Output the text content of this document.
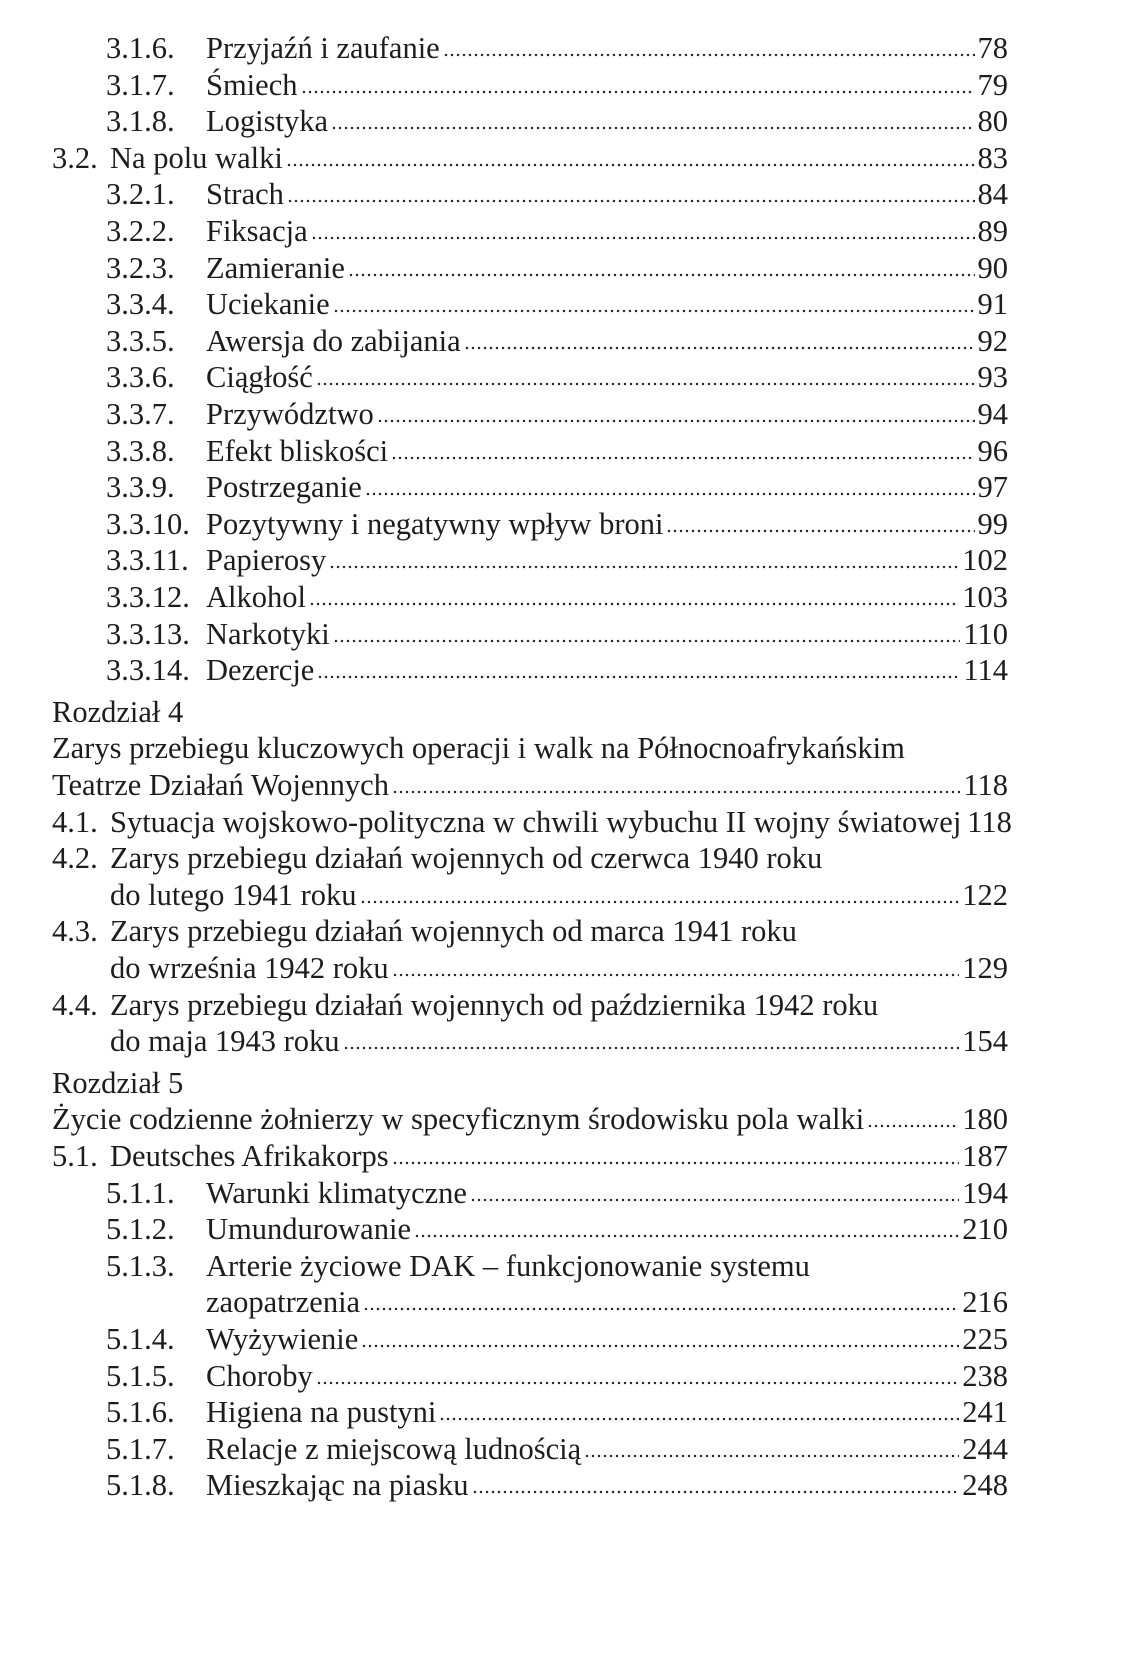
3.1.6. Przyjaźń i zaufanie	78
3.1.7. Śmiech	79
3.1.8. Logistyka	80
3.2. Na polu walki	83
3.2.1. Strach	84
3.2.2. Fiksacja	89
3.2.3. Zamieranie	90
3.3.4. Uciekanie	91
3.3.5. Awersja do zabijania	92
3.3.6. Ciągłość	93
3.3.7. Przywództwo	94
3.3.8. Efekt bliskości	96
3.3.9. Postrzeganie	97
3.3.10. Pozytywny i negatywny wpływ broni	99
3.3.11. Papierosy	102
3.3.12. Alkohol	103
3.3.13. Narkotyki	110
3.3.14. Dezercje	114
Rozdział 4
Zarys przebiegu kluczowych operacji i walk na Północnoafrykańskim
Teatrze Działań Wojennych	118
4.1. Sytuacja wojskowo-polityczna w chwili wybuchu II wojny światowej 118
4.2. Zarys przebiegu działań wojennych od czerwca 1940 roku
do lutego 1941 roku	122
4.3. Zarys przebiegu działań wojennych od marca 1941 roku
do września 1942 roku	129
4.4. Zarys przebiegu działań wojennych od października 1942 roku
do maja 1943 roku	154
Rozdział 5
Życie codzienne żołnierzy w specyficznym środowisku pola walki	180
5.1. Deutsches Afrikakorps	187
5.1.1. Warunki klimatyczne	194
5.1.2. Umundurowanie	210
5.1.3. Arterie życiowe DAK – funkcjonowanie systemu
zaopatrzenia	216
5.1.4. Wyżywienie	225
5.1.5. Choroby	238
5.1.6. Higiena na pustyni	241
5.1.7. Relacje z miejscową ludnością	244
5.1.8. Mieszkając na piasku	248
